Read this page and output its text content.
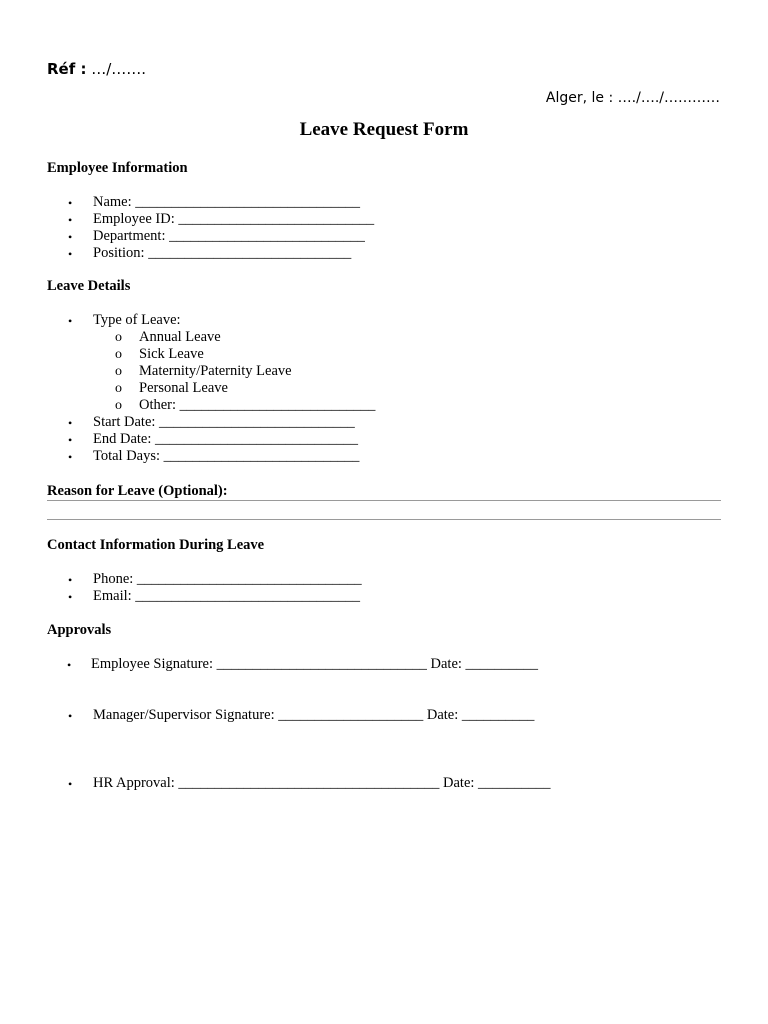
Réf : …/…….
Alger, le : …./…./…………
Leave Request Form
Employee Information
• Name: _______________________________
• Employee ID: ___________________________
• Department: ___________________________
• Position: ____________________________
Leave Details
• Type of Leave:
o Annual Leave
o Sick Leave
o Maternity/Paternity Leave
o Personal Leave
o Other: ___________________________
• Start Date: ___________________________
• End Date: ____________________________
• Total Days: ___________________________
Reason for Leave (Optional):
Contact Information During Leave
• Phone: _______________________________
• Email: _______________________________
Approvals
• Employee Signature: _____________________________ Date: __________
• Manager/Supervisor Signature: ____________________ Date: __________
• HR Approval: ____________________________________ Date: __________
